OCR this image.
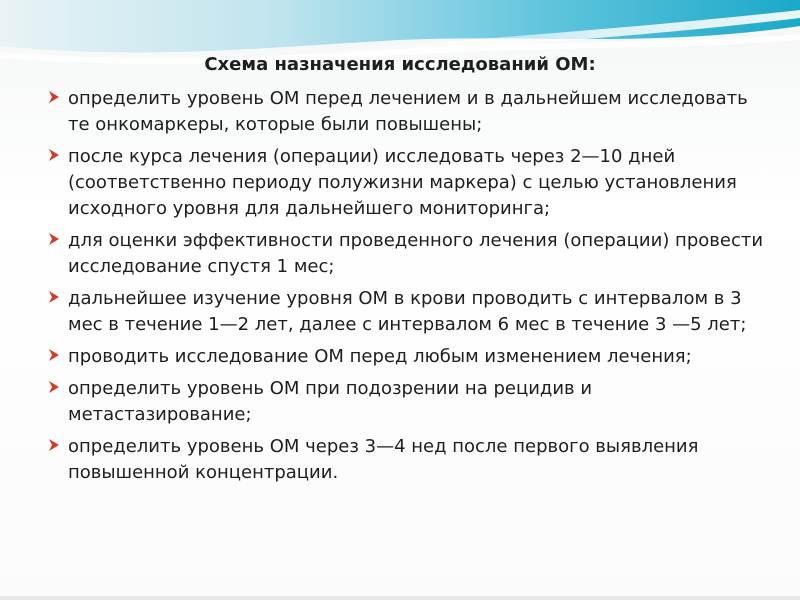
Схема назначения исследований ОМ:
определить уровень ОМ перед лечением и в дальнейшем исследовать те онкомаркеры, которые были повышены;
после курса лечения (операции) исследовать через 2—10 дней (соответственно периоду полужизни маркера) с целью установления исходного уровня для дальнейшего мониторинга;
для оценки эффективности проведенного лечения (операции) провести исследование спустя 1 мес;
дальнейшее изучение уровня ОМ в крови проводить с интервалом в 3 мес в течение 1—2 лет, далее с интервалом 6 мес в течение 3 —5 лет;
проводить исследование ОМ перед любым изменением лечения;
определить уровень ОМ при подозрении на рецидив и метастазирование;
определить уровень ОМ через 3—4 нед после первого выявления повышенной концентрации.
